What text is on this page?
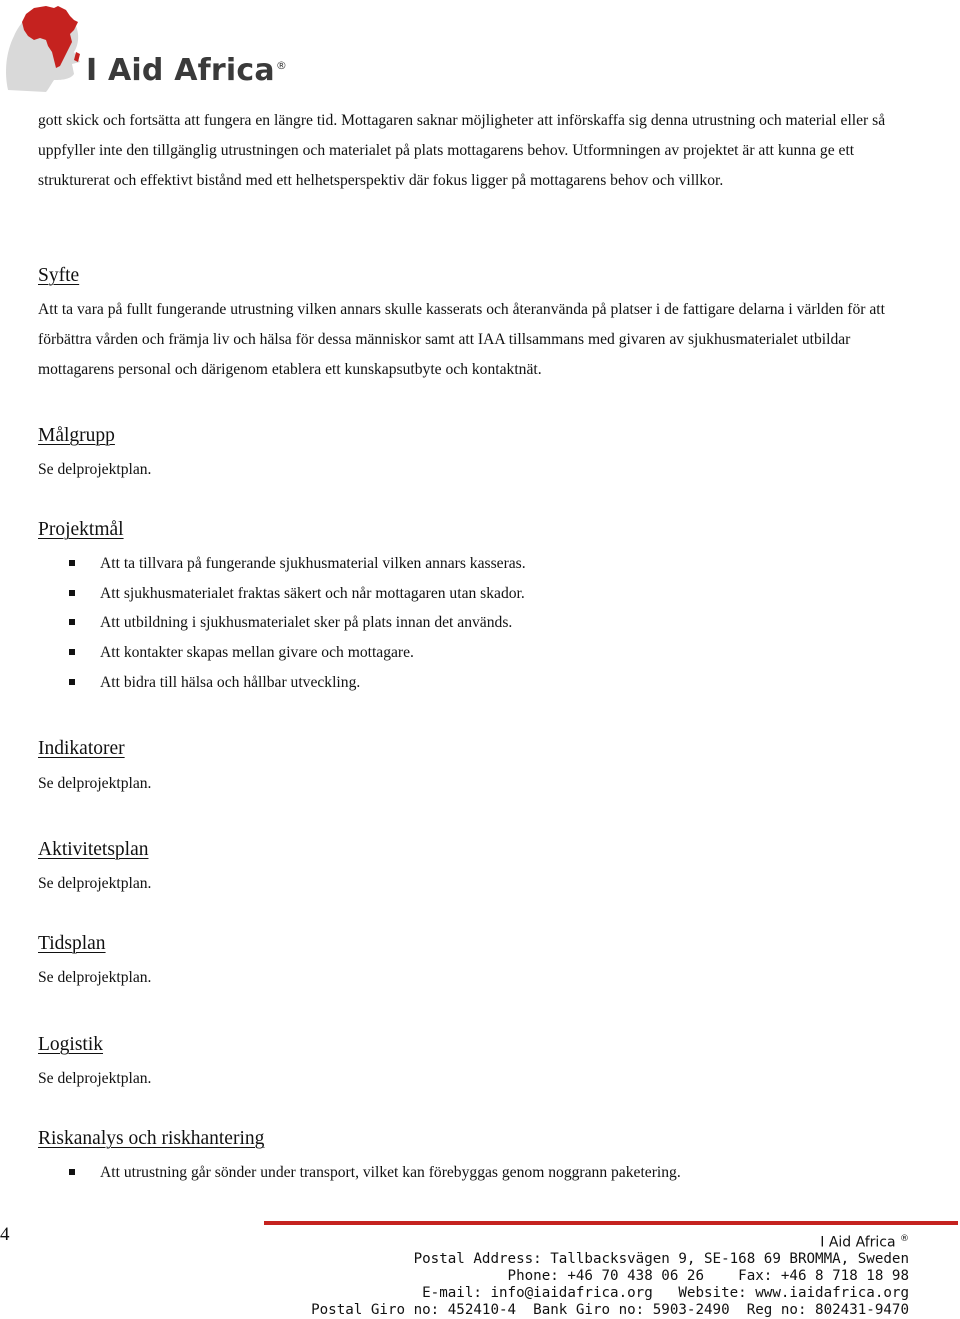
I Aid Africa®

gott skick och fortsätta att fungera en längre tid. Mottagaren saknar möjligheter att införskaffa sig denna utrustning och material eller så uppfyller inte den tillgänglig utrustningen och materialet på plats mottagarens behov. Utformningen av projektet är att kunna ge ett strukturerat och effektivt bistånd med ett helhetsperspektiv där fokus ligger på mottagarens behov och villkor.

Syfte

Att ta vara på fullt fungerande utrustning vilken annars skulle kasserats och återanvända på platser i de fattigare delarna i världen för att förbättra vården och främja liv och hälsa för dessa människor samt att IAA tillsammans med givaren av sjukhusmaterialet utbildar mottagarens personal och därigenom etablera ett kunskapsutbyte och kontaktnät.

Målgrupp

Se delprojektplan.

Projektmål
Att ta tillvara på fungerande sjukhusmaterial vilken annars kasseras.
Att sjukhusmaterialet fraktas säkert och når mottagaren utan skador.
Att utbildning i sjukhusmaterialet sker på plats innan det används.
Att kontakter skapas mellan givare och mottagare.
Att bidra till hälsa och hållbar utveckling.
Indikatorer

Se delprojektplan.

Aktivitetsplan

Se delprojektplan.

Tidsplan

Se delprojektplan.

Logistik

Se delprojektplan.

Riskanalys och riskhantering
Att utrustning går sönder under transport, vilket kan förebyggas genom noggrann paketering.
4	I Aid Africa ®
Postal Address: Tallbacksvägen 9, SE-168 69 BROMMA, Sweden
Phone: +46 70 438 06 26    Fax: +46 8 718 18 98
E-mail: info@iaidafrica.org   Website: www.iaidafrica.org
Postal Giro no: 452410-4  Bank Giro no: 5903-2490  Reg no: 802431-9470
